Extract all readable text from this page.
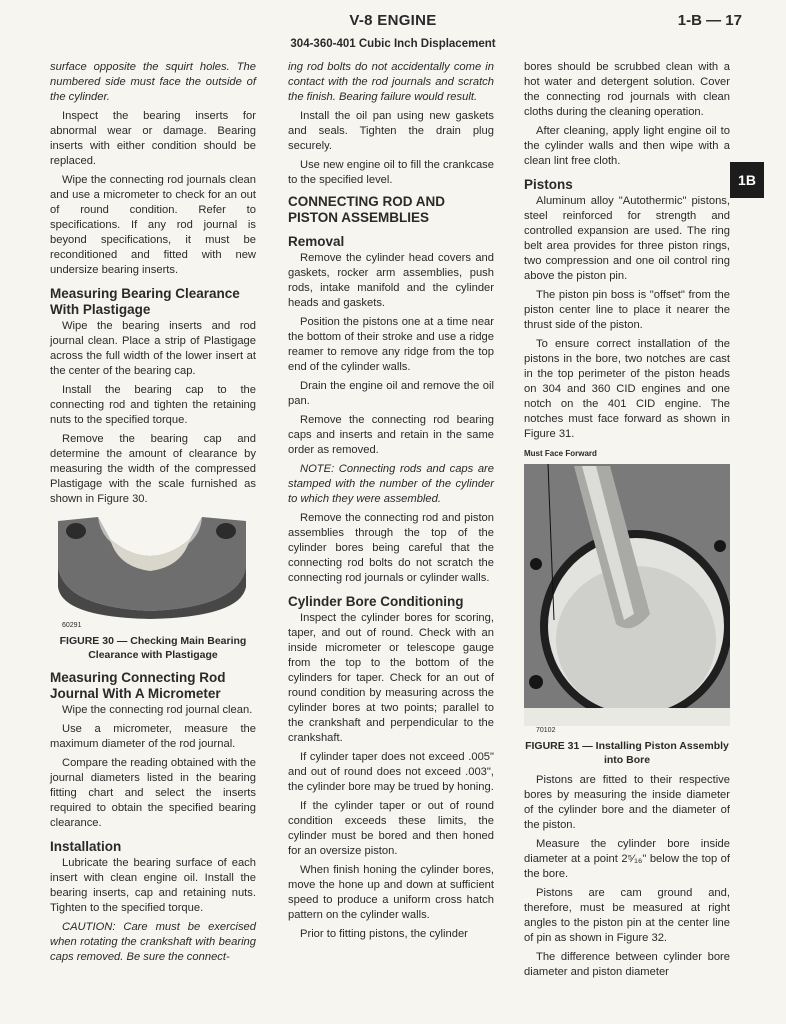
V-8 ENGINE	1-B — 17
304-360-401 Cubic Inch Displacement
1B

surface opposite the squirt holes. The numbered side must face the outside of the cylinder.

Inspect the bearing inserts for abnormal wear or damage. Bearing inserts with either condition should be replaced.

Wipe the connecting rod journals clean and use a micrometer to check for an out of round condition. Refer to specifications. If any rod journal is beyond specifications, it must be reconditioned and fitted with new undersize bearing inserts.

Measuring Bearing Clearance With Plastigage

Wipe the bearing inserts and rod journal clean. Place a strip of Plastigage across the full width of the lower insert at the center of the bearing cap.

Install the bearing cap to the connecting rod and tighten the retaining nuts to the specified torque.

Remove the bearing cap and determine the amount of clearance by measuring the width of the compressed Plastigage with the scale furnished as shown in Figure 30.

60291

FIGURE 30 — Checking Main Bearing Clearance with Plastigage
Measuring Connecting Rod Journal With A Micrometer

Wipe the connecting rod journal clean.

Use a micrometer, measure the maximum diameter of the rod journal.

Compare the reading obtained with the journal diameters listed in the bearing fitting chart and select the inserts required to obtain the specified bearing clearance.

Installation

Lubricate the bearing surface of each insert with clean engine oil. Install the bearing inserts, cap and retaining nuts. Tighten to the specified torque.

CAUTION: Care must be exercised when rotating the crankshaft with bearing caps removed. Be sure the connect-

ing rod bolts do not accidentally come in contact with the rod journals and scratch the finish. Bearing failure would result.

Install the oil pan using new gaskets and seals. Tighten the drain plug securely.

Use new engine oil to fill the crankcase to the specified level.

CONNECTING ROD AND PISTON ASSEMBLIES
Removal

Remove the cylinder head covers and gaskets, rocker arm assemblies, push rods, intake manifold and the cylinder heads and gaskets.

Position the pistons one at a time near the bottom of their stroke and use a ridge reamer to remove any ridge from the top end of the cylinder walls.

Drain the engine oil and remove the oil pan.

Remove the connecting rod bearing caps and inserts and retain in the same order as removed.

NOTE: Connecting rods and caps are stamped with the number of the cylinder to which they were assembled.

Remove the connecting rod and piston assemblies through the top of the cylinder bores being careful that the connecting rod bolts do not scratch the connecting rod journals or cylinder walls.

Cylinder Bore Conditioning

Inspect the cylinder bores for scoring, taper, and out of round. Check with an inside micrometer or telescope gauge from the top to the bottom of the cylinders for taper. Check for an out of round condition by measuring across the cylinder bores at two points; parallel to the crankshaft and perpendicular to the crankshaft.

If cylinder taper does not exceed .005" and out of round does not exceed .003", the cylinder bore may be trued by honing.

If the cylinder taper or out of round condition exceeds these limits, the cylinder must be bored and then honed for an oversize piston.

When finish honing the cylinder bores, move the hone up and down at sufficient speed to produce a uniform cross hatch pattern on the cylinder walls.

Prior to fitting pistons, the cylinder

bores should be scrubbed clean with a hot water and detergent solution. Cover the connecting rod journals with clean cloths during the cleaning operation.

After cleaning, apply light engine oil to the cylinder walls and then wipe with a clean lint free cloth.

Pistons

Aluminum alloy "Autothermic" pistons, steel reinforced for strength and controlled expansion are used. The ring belt area provides for three piston rings, two compression and one oil control ring above the piston pin.

The piston pin boss is "offset" from the piston center line to place it nearer the thrust side of the piston.

To ensure correct installation of the pistons in the bore, two notches are cast in the top perimeter of the piston heads on 304 and 360 CID engines and one notch on the 401 CID engine. The notches must face forward as shown in Figure 31.

Must Face Forward

70102

FIGURE 31 — Installing Piston Assembly into Bore

Pistons are fitted to their respective bores by measuring the inside diameter of the cylinder bore and the diameter of the piston.

Measure the cylinder bore inside diameter at a point 2⁵⁄₁₆" below the top of the bore.

Pistons are cam ground and, therefore, must be measured at right angles to the piston pin at the center line of pin as shown in Figure 32.

The difference between cylinder bore diameter and piston diameter
